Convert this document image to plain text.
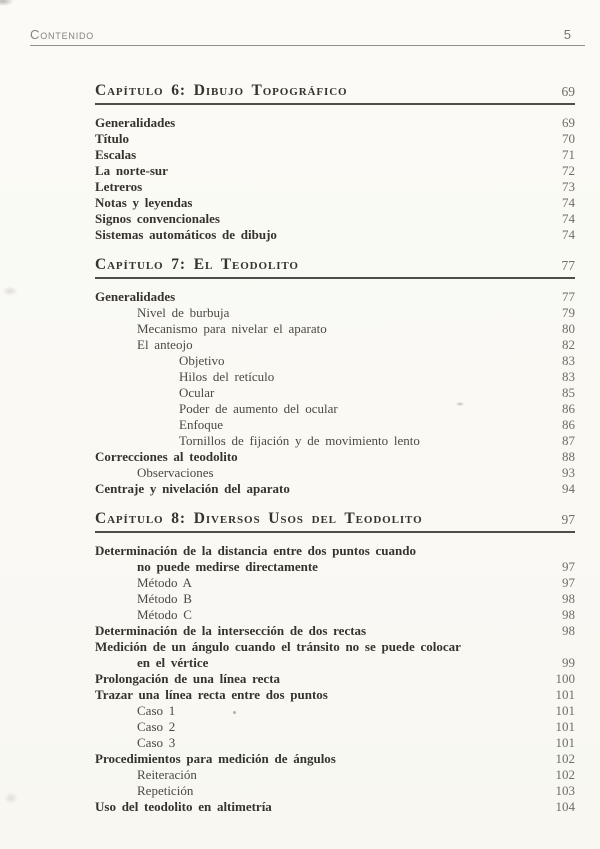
Contenido	5
Capítulo 6: Dibujo Topográfico	69
Generalidades	69
Título	70
Escalas	71
La norte-sur	72
Letreros	73
Notas y leyendas	74
Signos convencionales	74
Sistemas automáticos de dibujo	74
Capítulo 7: El Teodolito	77
Generalidades	77
Nivel de burbuja	79
Mecanismo para nivelar el aparato	80
El anteojo	82
Objetivo	83
Hilos del retículo	83
Ocular	85
Poder de aumento del ocular	86
Enfoque	86
Tornillos de fijación y de movimiento lento	87
Correcciones al teodolito	88
Observaciones	93
Centraje y nivelación del aparato	94
Capítulo 8: Diversos Usos del Teodolito	97
Determinación de la distancia entre dos puntos cuando
no puede medirse directamente	97
Método A	97
Método B	98
Método C	98
Determinación de la intersección de dos rectas	98
Medición de un ángulo cuando el tránsito no se puede colocar
en el vértice	99
Prolongación de una línea recta	100
Trazar una línea recta entre dos puntos	101
Caso 1	101
Caso 2	101
Caso 3	101
Procedimientos para medición de ángulos	102
Reiteración	102
Repetición	103
Uso del teodolito en altimetría	104
